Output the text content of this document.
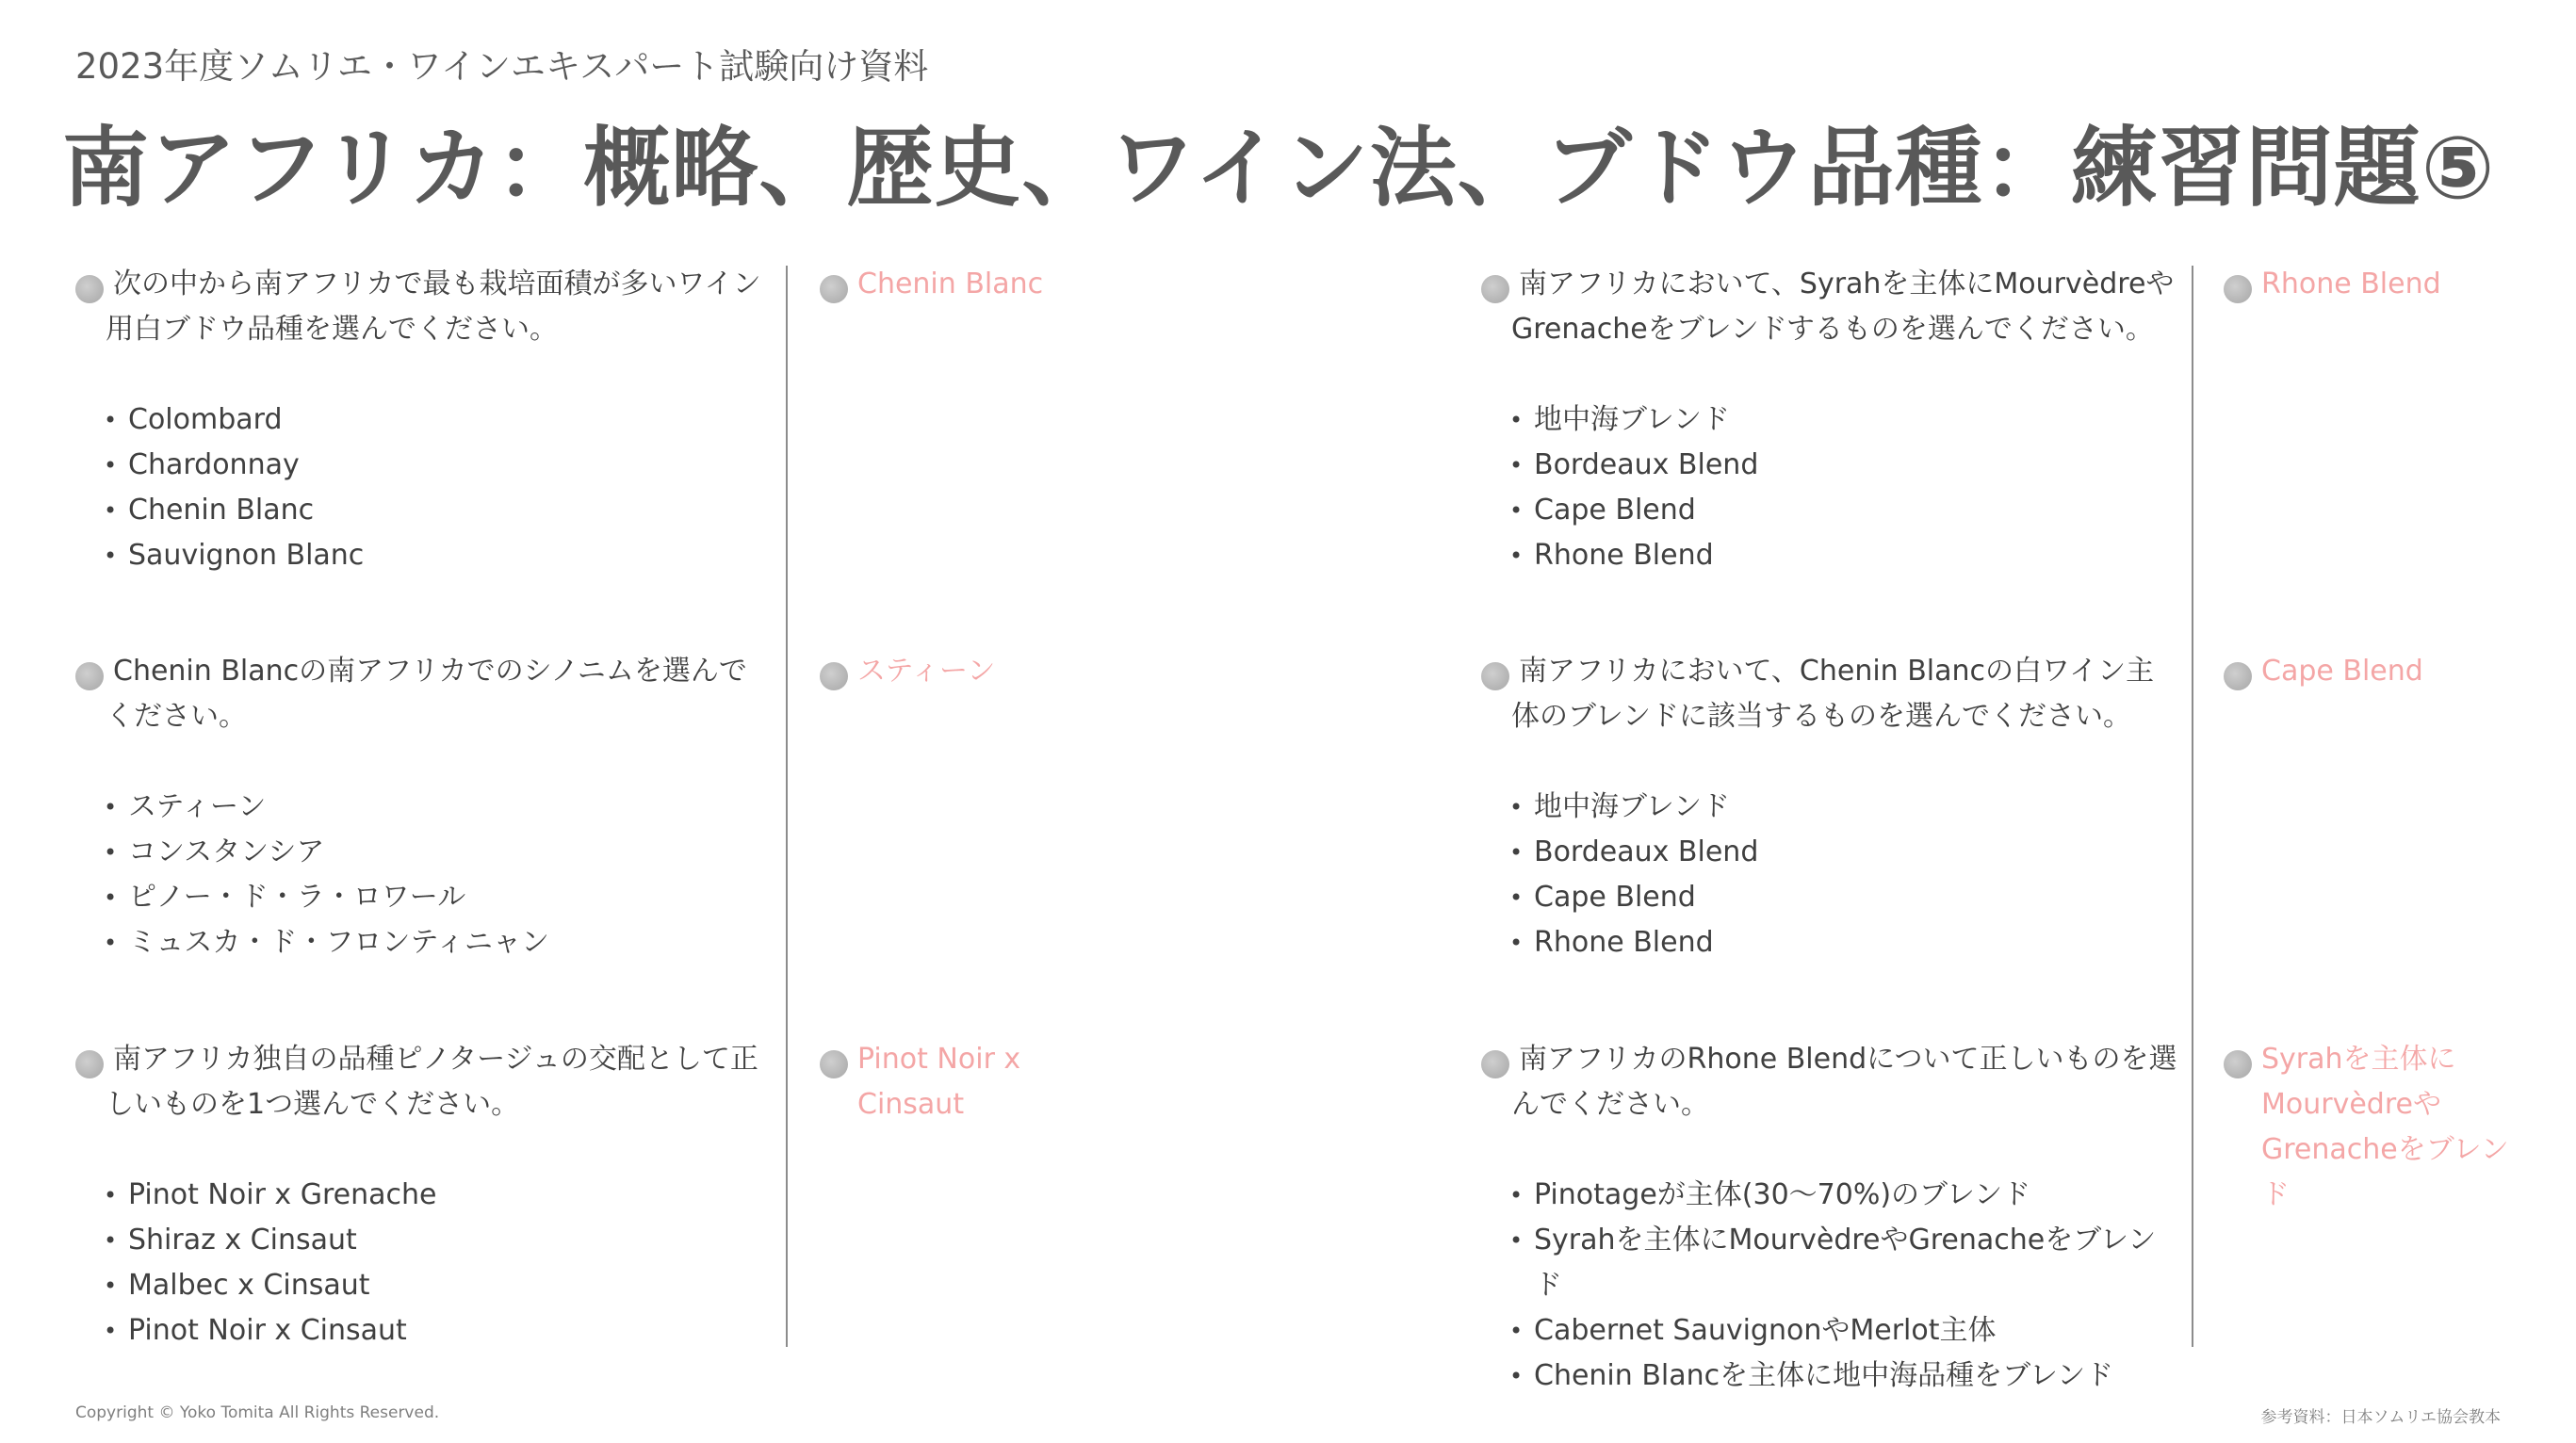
2023年度ソムリエ・ワインエキスパート試験向け資料
南アフリカ：概略、歴史、ワイン法、ブドウ品種：練習問題⑤
次の中から南アフリカで最も栽培面積が多いワイン用白ブドウ品種を選んでください。
• Colombard
• Chardonnay
• Chenin Blanc
• Sauvignon Blanc
Chenin Blanc
Chenin Blancの南アフリカでのシノニムを選んでください。
• スティーン
• コンスタンシア
• ピノー・ド・ラ・ロワール
• ミュスカ・ド・フロンティニャン
スティーン
南アフリカ独自の品種ピノタージュの交配として正しいものを1つ選んでください。
• Pinot Noir x Grenache
• Shiraz x Cinsaut
• Malbec x Cinsaut
• Pinot Noir x Cinsaut
Pinot Noir x Cinsaut
南アフリカにおいて、Syrahを主体にMourvèdreやGrenacheをブレンドするものを選んでください。
• 地中海ブレンド
• Bordeaux Blend
• Cape Blend
• Rhone Blend
Rhone Blend
南アフリカにおいて、Chenin Blancの白ワイン主体のブレンドに該当するものを選んでください。
• 地中海ブレンド
• Bordeaux Blend
• Cape Blend
• Rhone Blend
Cape Blend
南アフリカのRhone Blendについて正しいものを選んでください。
• Pinotageが主体(30〜70%)のブレンド
• Syrahを主体にMourvèdreやGrenacheをブレンド
• Cabernet SauvignonやMerlot主体
• Chenin Blancを主体に地中海品種をブレンド
Syrahを主体にMourvèdreやGrenacheをブレンド
Copyright © Yoko Tomita All Rights Reserved.	参考資料：日本ソムリエ協会教本
